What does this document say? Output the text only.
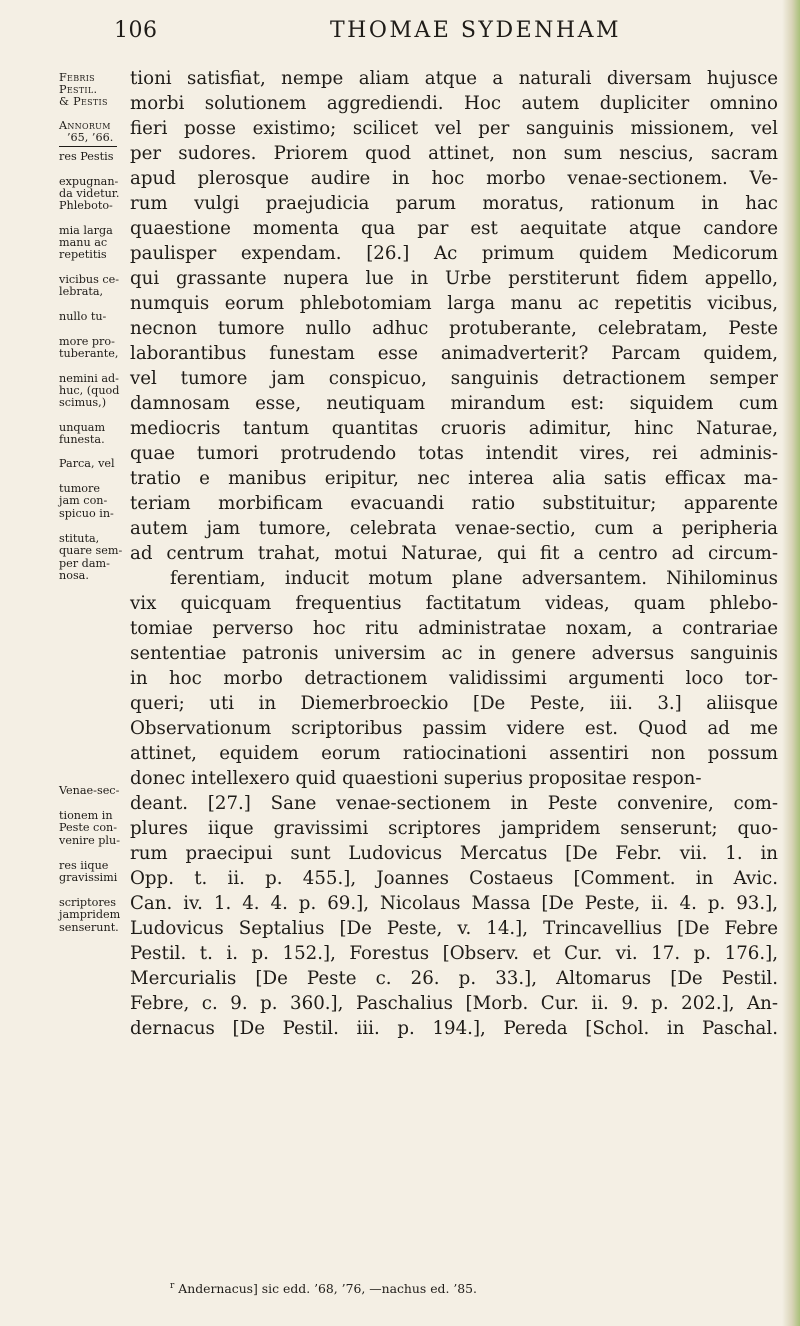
106	THOMAE SYDENHAM
Febris
Pestil.
& Pestis
Annorum
’65, ’66.
res Pestis
expugnan-
da videtur.
Phleboto-
mia larga
manu ac
repetitis
vicibus ce-
lebrata,
nullo tu-
more pro-
tuberante,
nemini ad-
huc, (quod
scimus,)
unquam
funesta.
Parca, vel
tumore
jam con-
spicuo in-
stituta,
quare sem-
per dam-
nosa.
Venae-sec-
tionem in
Peste con-
venire plu-
res iique
gravissimi
scriptores
jampridem
senserunt.
tioni satisfiat, nempe aliam atque a naturali diversam hujusce
morbi solutionem aggrediendi. Hoc autem dupliciter omnino
fieri posse existimo; scilicet vel per sanguinis missionem, vel
per sudores. Priorem quod attinet, non sum nescius, sacram
apud plerosque audire in hoc morbo venae-sectionem. Ve-
rum vulgi praejudicia parum moratus, rationum in hac
quaestione momenta qua par est aequitate atque candore
paulisper expendam. [26.] Ac primum quidem Medicorum
qui grassante nupera lue in Urbe perstiterunt fidem appello,
numquis eorum phlebotomiam larga manu ac repetitis vicibus,
necnon tumore nullo adhuc protuberante, celebratam, Peste
laborantibus funestam esse animadverterit? Parcam quidem,
vel tumore jam conspicuo, sanguinis detractionem semper
damnosam esse, neutiquam mirandum est: siquidem cum
mediocris tantum quantitas cruoris adimitur, hinc Naturae,
quae tumori protrudendo totas intendit vires, rei adminis-
tratio e manibus eripitur, nec interea alia satis efficax ma-
teriam morbificam evacuandi ratio substituitur; apparente
autem jam tumore, celebrata venae-sectio, cum a peripheria
ad centrum trahat, motui Naturae, qui fit a centro ad circum-
ferentiam, inducit motum plane adversantem. Nihilominus
vix quicquam frequentius factitatum videas, quam phlebo-
tomiae perverso hoc ritu administratae noxam, a contrariae
sententiae patronis universim ac in genere adversus sanguinis
in hoc morbo detractionem validissimi argumenti loco tor-
queri; uti in Diemerbroeckio [De Peste, iii. 3.] aliisque
Observationum scriptoribus passim videre est. Quod ad me
attinet, equidem eorum ratiocinationi assentiri non possum
donec intellexero quid quaestioni superius propositae respon-
deant. [27.] Sane venae-sectionem in Peste convenire, com-
plures iique gravissimi scriptores jampridem senserunt; quo-
rum praecipui sunt Ludovicus Mercatus [De Febr. vii. 1. in
Opp. t. ii. p. 455.], Joannes Costaeus [Comment. in Avic.
Can. iv. 1. 4. 4. p. 69.], Nicolaus Massa [De Peste, ii. 4. p. 93.],
Ludovicus Septalius [De Peste, v. 14.], Trincavellius [De Febre
Pestil. t. i. p. 152.], Forestus [Observ. et Cur. vi. 17. p. 176.],
Mercurialis [De Peste c. 26. p. 33.], Altomarus [De Pestil.
Febre, c. 9. p. 360.], Paschalius [Morb. Cur. ii. 9. p. 202.], An-
dernacus [De Pestil. iii. p. 194.], Pereda [Schol. in Paschal.
$^r$ Andernacus] sic edd. ’68, ’76, —nachus ed. ’85.
